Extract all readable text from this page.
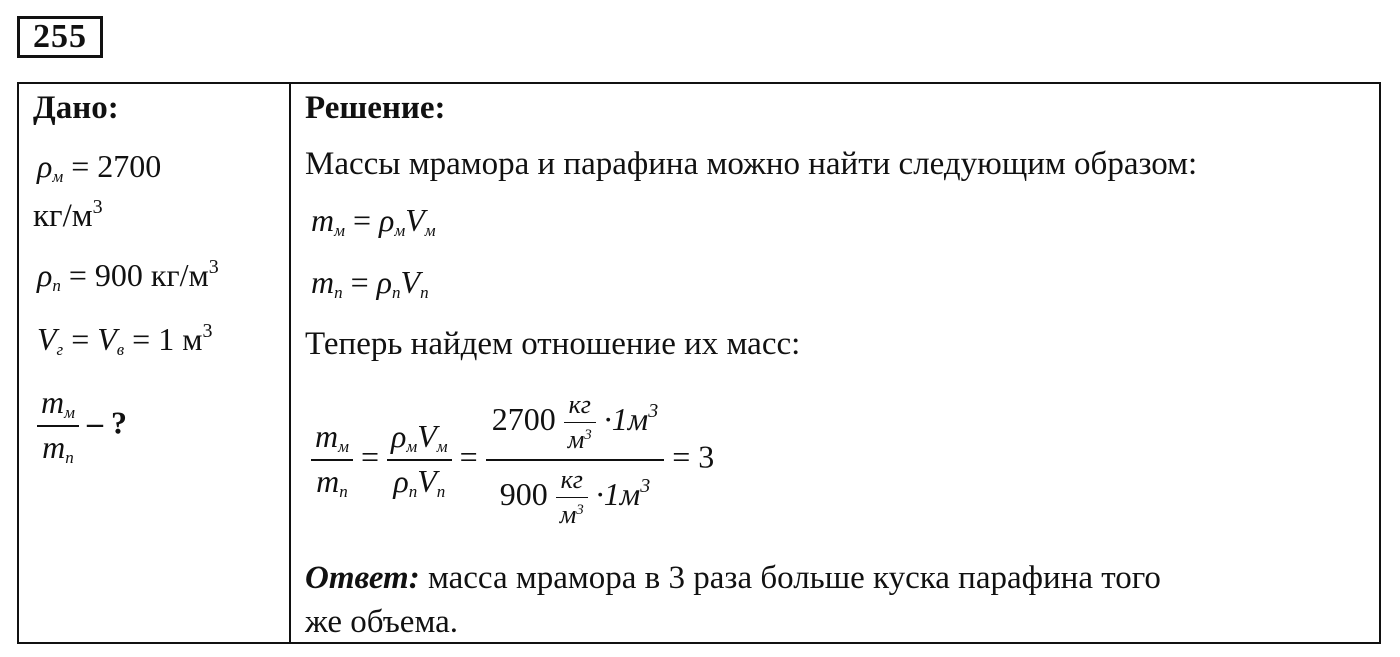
255
Дано:
$\rho_м = 2700$
$кг/м^3$
$\rho_п = 900$ $кг/м^3$
$V_г = V_в = 1$ $м^3$
$\frac{m_м}{m_п}$ – ?
Решение:
Массы мрамора и парафина можно найти следующим образом:
$m_м = \rho_мV_м$
$m_п = \rho_пV_п$
Теперь найдем отношение их масс:
$\frac{m_м}{m_п} = \frac{\rho_мV_м}{\rho_пV_п}$ =
$2700 \frac{кг}{м^3} \cdot 1м^3$
$900 \frac{кг}{м^3} \cdot 1м^3$
= 3
Ответ: масса мрамора в 3 раза больше куска парафина того
же объема.
